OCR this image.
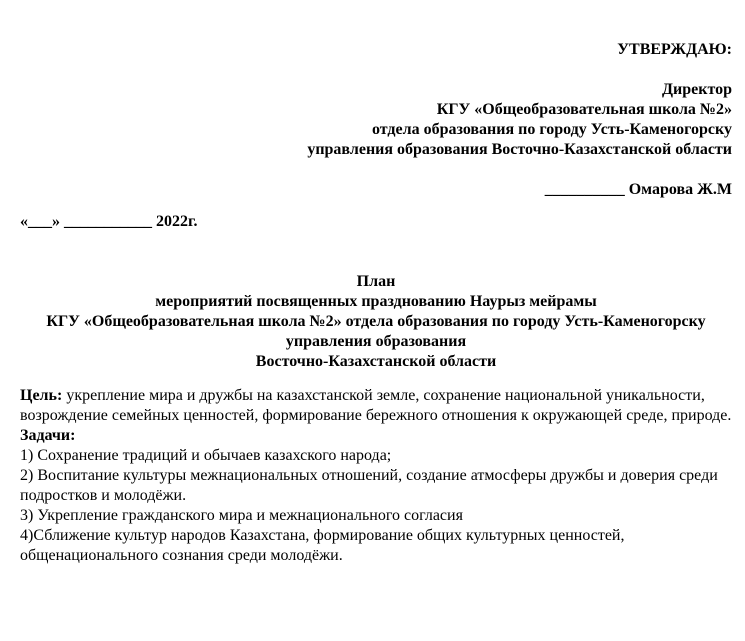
УТВЕРЖДАЮ:
Директор
КГУ «Общеобразовательная школа №2»
отдела образования по городу Усть-Каменогорску
управления образования Восточно-Казахстанской области
__________ Омарова Ж.М
«___» ___________ 2022г.
План
мероприятий посвященных празднованию Наурыз мейрамы
КГУ «Общеобразовательная школа №2» отдела образования по городу Усть-Каменогорску
управления образования
Восточно-Казахстанской области

Цель: укрепление мира и дружбы на казахстанской земле, сохранение национальной уникальности, возрождение семейных ценностей, формирование бережного отношения к окружающей среде, природе.

Задачи:
1) Сохранение традиций и обычаев казахского народа;
2) Воспитание культуры межнациональных отношений, создание атмосферы дружбы и доверия среди подростков и молодёжи.
3) Укрепление гражданского мира и межнационального согласия
4)Сближение культур народов Казахстана, формирование общих культурных ценностей, общенационального сознания среди молодёжи.
